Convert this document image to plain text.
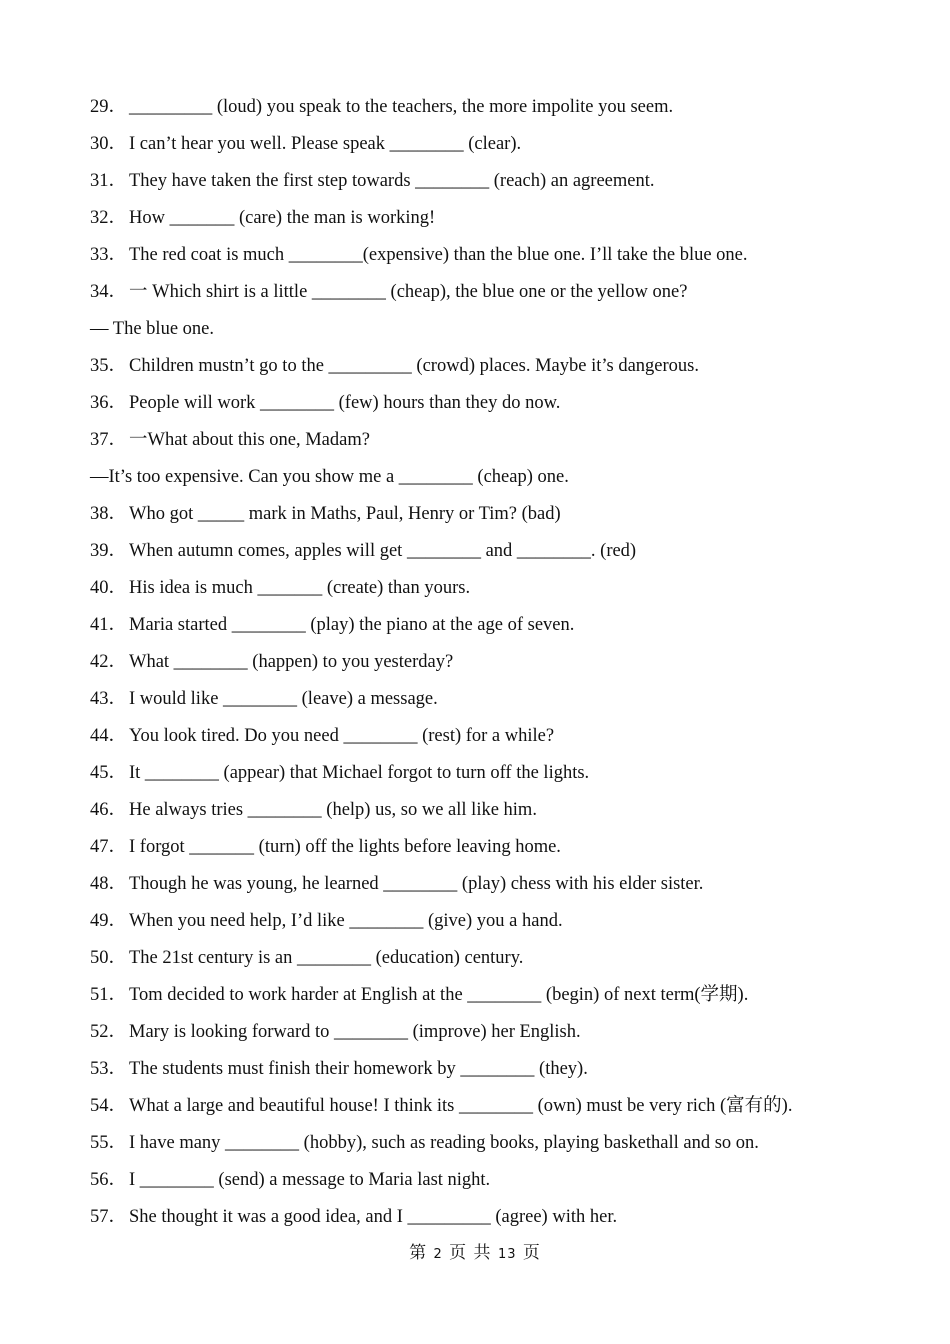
29． _________ (loud) you speak to the teachers, the more impolite you seem.
30． I can’t hear you well. Please speak ________ (clear).
31． They have taken the first step towards ________ (reach) an agreement.
32． How _______ (care) the man is working!
33． The red coat is much ________(expensive) than the blue one. I’ll take the blue one.
34． 一 Which shirt is a little ________ (cheap), the blue one or the yellow one?
— The blue one.
35． Children mustn’t go to the _________ (crowd) places. Maybe it’s dangerous.
36． People will work ________ (few) hours than they do now.
37． 一What about this one, Madam?
—It’s too expensive. Can you show me a ________ (cheap) one.
38． Who got _____ mark in Maths, Paul, Henry or Tim? (bad)
39． When autumn comes, apples will get ________ and ________. (red)
40． His idea is much _______ (create) than yours.
41． Maria started ________ (play) the piano at the age of seven.
42． What ________ (happen) to you yesterday?
43． I would like ________ (leave) a message.
44． You look tired. Do you need ________ (rest) for a while?
45． It ________ (appear) that Michael forgot to turn off the lights.
46． He always tries ________ (help) us, so we all like him.
47． I forgot _______ (turn) off the lights before leaving home.
48． Though he was young, he learned ________ (play) chess with his elder sister.
49． When you need help, I’d like ________ (give) you a hand.
50． The 21st century is an ________ (education) century.
51． Tom decided to work harder at English at the ________ (begin) of next term(学期).
52． Mary is looking forward to ________ (improve) her English.
53． The students must finish their homework by ________ (they).
54． What a large and beautiful house! I think its ________ (own) must be very rich (富有的).
55． I have many ________ (hobby), such as reading books, playing baskethall and so on.
56． I ________ (send) a message to Maria last night.
57． She thought it was a good idea, and I _________ (agree) with her.
第 2 页 共 13 页
